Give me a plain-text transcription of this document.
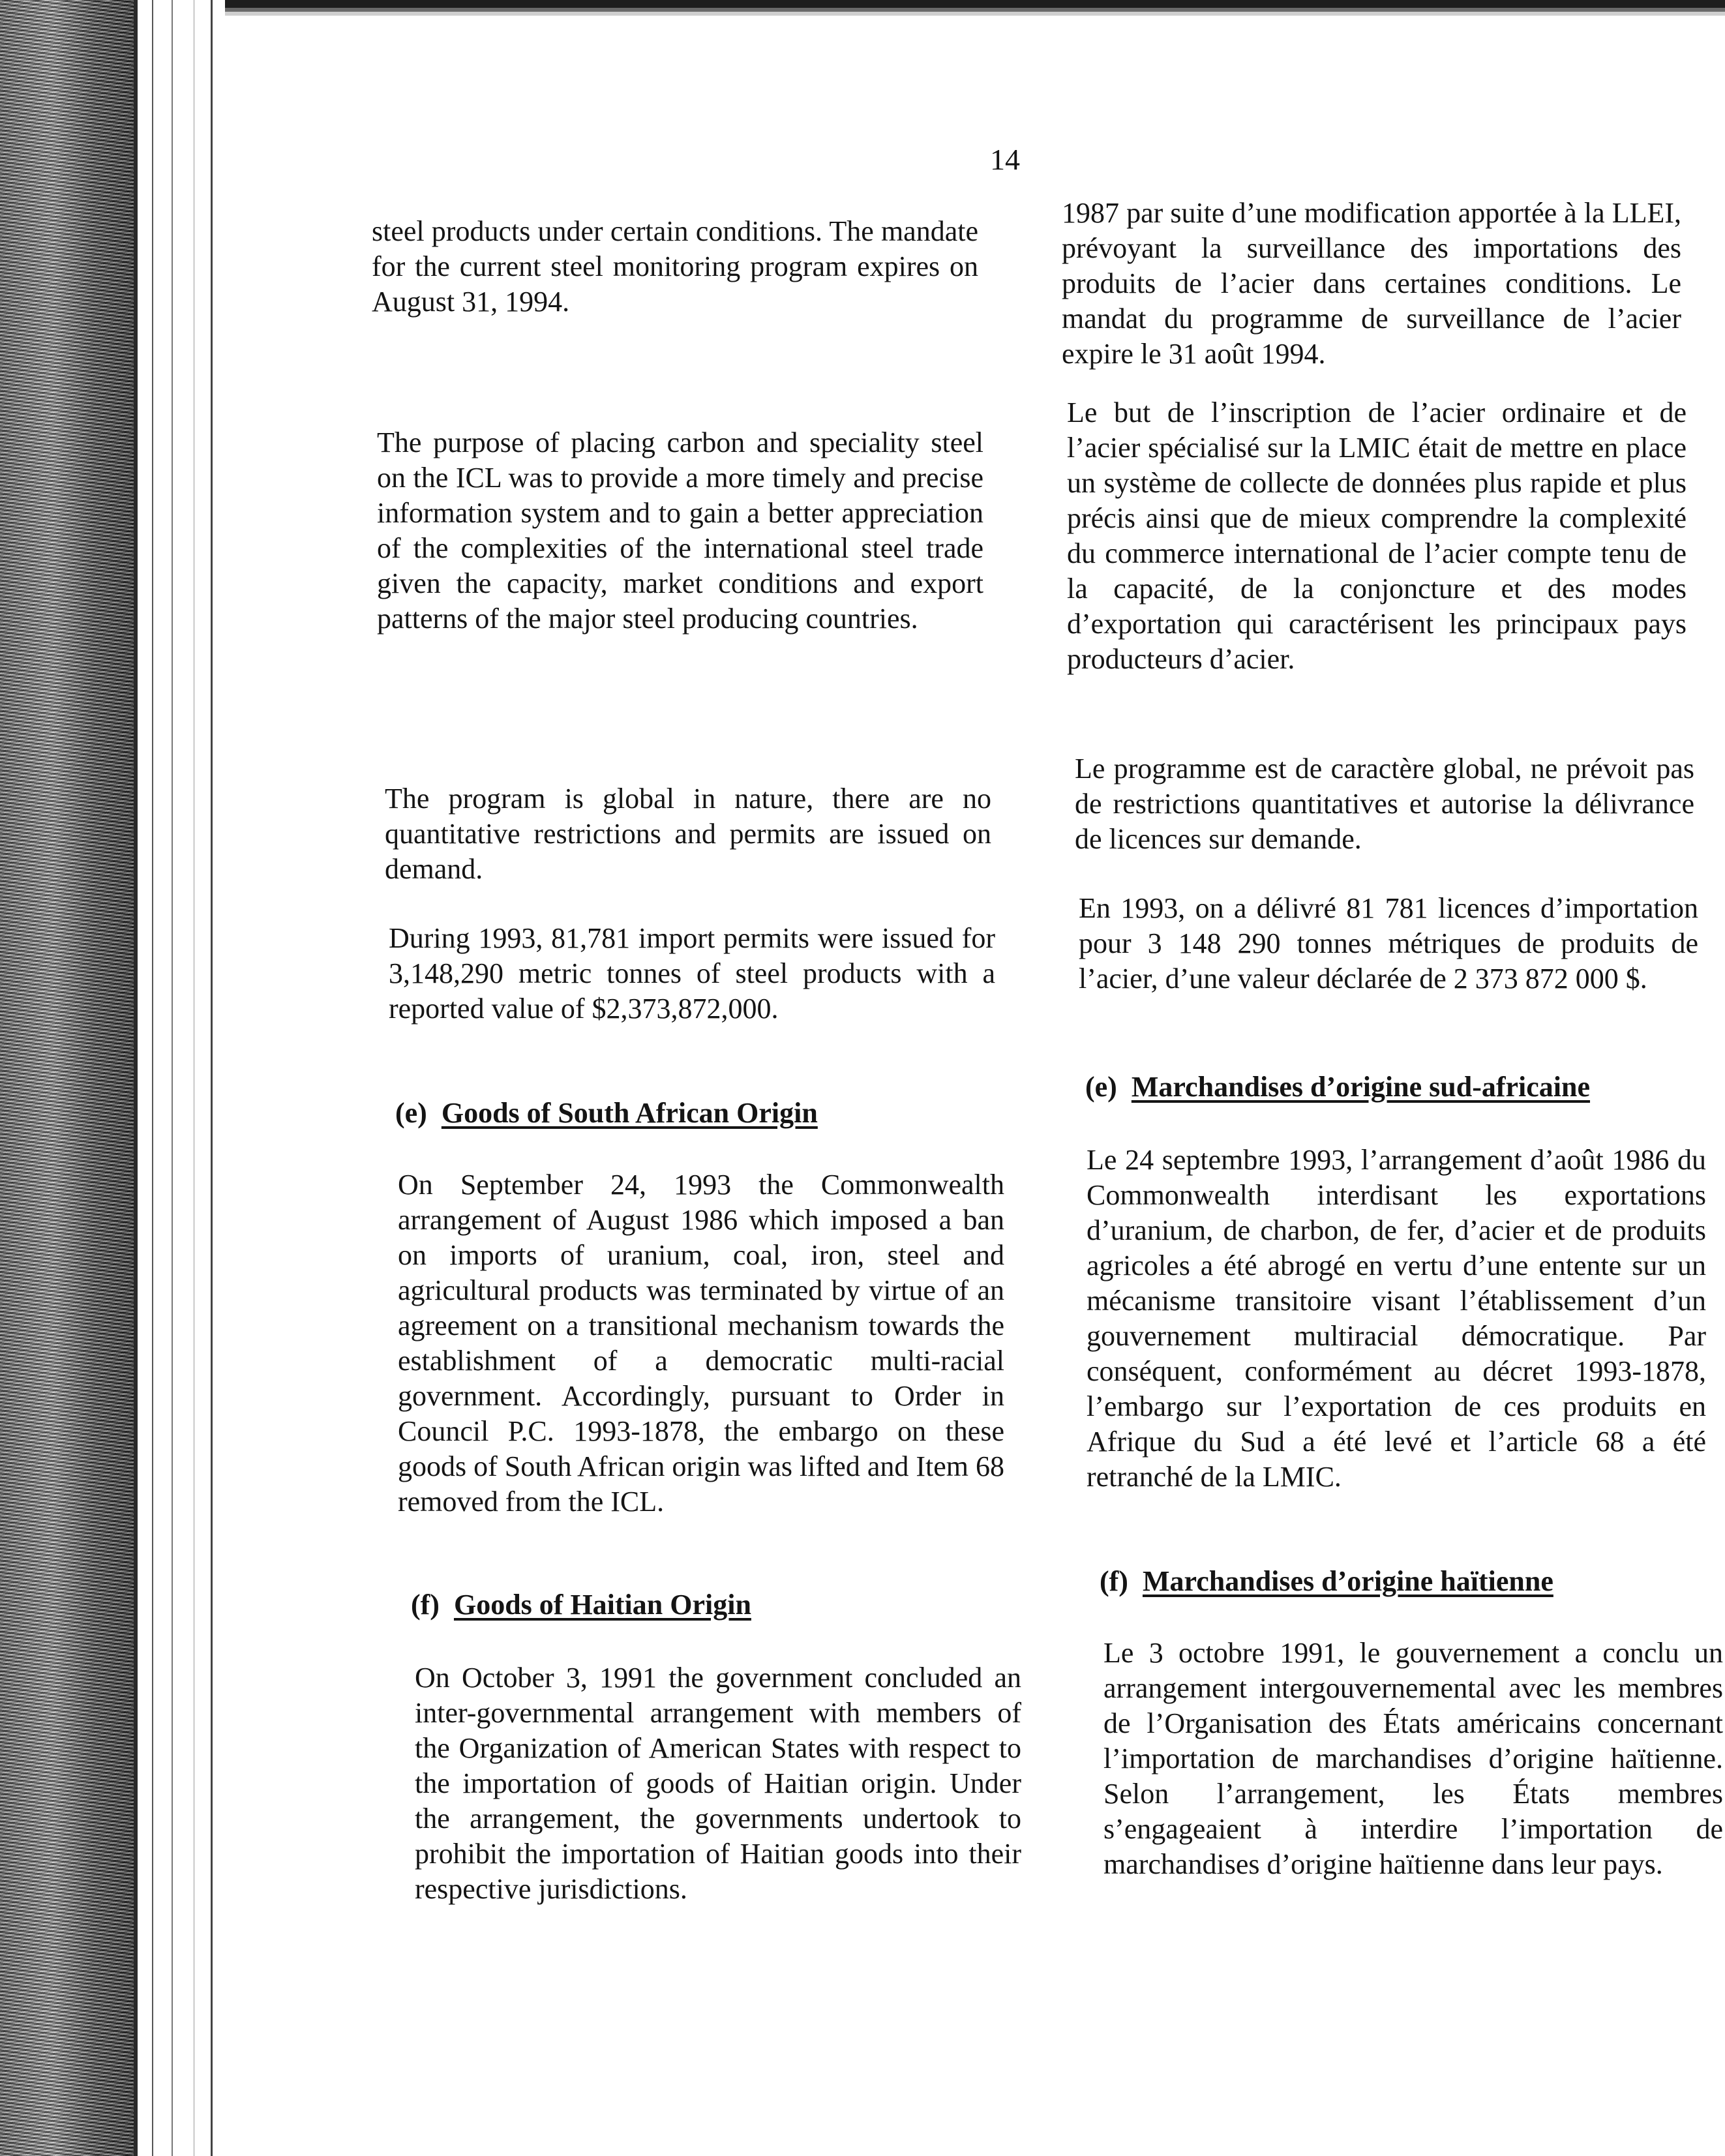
14

steel products under certain conditions. The mandate for the current steel monitoring program expires on August 31, 1994.

The purpose of placing carbon and speciality steel on the ICL was to provide a more timely and precise information system and to gain a better appreciation of the complexities of the international steel trade given the capacity, market conditions and export patterns of the major steel producing countries.

The program is global in nature, there are no quantitative restrictions and permits are issued on demand.

During 1993, 81,781 import permits were issued for 3,148,290 metric tonnes of steel products with a reported value of $2,373,872,000.

(e) Goods of South African Origin

On September 24, 1993 the Commonwealth arrangement of August 1986 which imposed a ban on imports of uranium, coal, iron, steel and agricultural products was terminated by virtue of an agreement on a transitional mechanism towards the establishment of a democratic multi-racial government. Accordingly, pursuant to Order in Council P.C. 1993-1878, the embargo on these goods of South African origin was lifted and Item 68 removed from the ICL.

(f) Goods of Haitian Origin

On October 3, 1991 the government concluded an inter-governmental arrangement with members of the Organization of American States with respect to the importation of goods of Haitian origin. Under the arrangement, the governments undertook to prohibit the importation of Haitian goods into their respective jurisdictions.

1987 par suite d’une modification apportée à la LLEI, prévoyant la surveillance des importations des produits de l’acier dans certaines conditions. Le mandat du programme de surveillance de l’acier expire le 31 août 1994.

Le but de l’inscription de l’acier ordinaire et de l’acier spécialisé sur la LMIC était de mettre en place un système de collecte de données plus rapide et plus précis ainsi que de mieux comprendre la complexité du commerce international de l’acier compte tenu de la capacité, de la conjoncture et des modes d’exportation qui caractérisent les principaux pays producteurs d’acier.

Le programme est de caractère global, ne prévoit pas de restrictions quantitatives et autorise la délivrance de licences sur demande.

En 1993, on a délivré 81 781 licences d’importation pour 3 148 290 tonnes métriques de produits de l’acier, d’une valeur déclarée de 2 373 872 000 $.

(e) Marchandises d’origine sud-africaine

Le 24 septembre 1993, l’arrangement d’août 1986 du Commonwealth interdisant les exportations d’uranium, de charbon, de fer, d’acier et de produits agricoles a été abrogé en vertu d’une entente sur un mécanisme transitoire visant l’établissement d’un gouvernement multiracial démocratique. Par conséquent, conformément au décret 1993-1878, l’embargo sur l’exportation de ces produits en Afrique du Sud a été levé et l’article 68 a été retranché de la LMIC.

(f) Marchandises d’origine haïtienne

Le 3 octobre 1991, le gouvernement a conclu un arrangement intergouvernemental avec les membres de l’Organisation des États américains concernant l’importation de marchandises d’origine haïtienne. Selon l’arrangement, les États membres s’engageaient à interdire l’importation de marchandises d’origine haïtienne dans leur pays.
